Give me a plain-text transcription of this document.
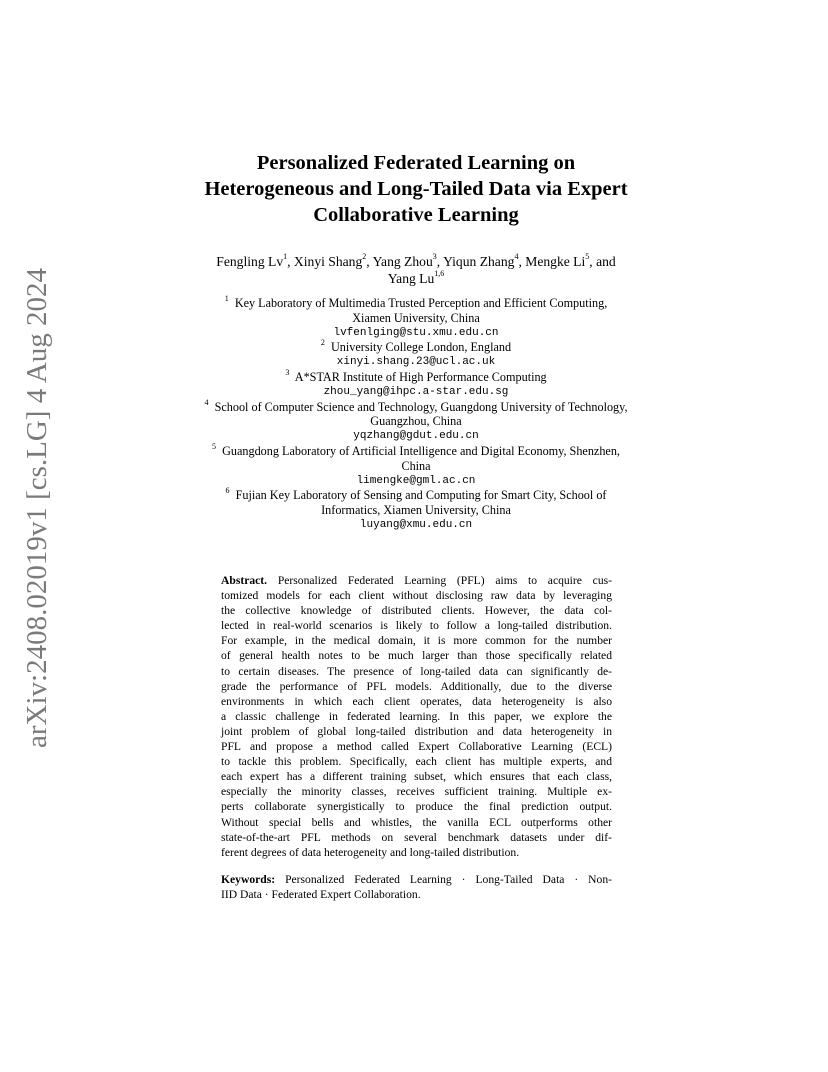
arXiv:2408.02019v1 [cs.LG] 4 Aug 2024
Personalized Federated Learning on
Heterogeneous and Long-Tailed Data via Expert
Collaborative Learning
Fengling Lv$^1$, Xinyi Shang$^2$, Yang Zhou$^3$, Yiqun Zhang$^4$, Mengke Li$^5$, and
Yang Lu$^{1,6}$
$^1$ Key Laboratory of Multimedia Trusted Perception and Efficient Computing,
Xiamen University, China
lvfenlging@stu.xmu.edu.cn
$^2$ University College London, England
xinyi.shang.23@ucl.ac.uk
$^3$ A*STAR Institute of High Performance Computing
zhou_yang@ihpc.a-star.edu.sg
$^4$ School of Computer Science and Technology, Guangdong University of Technology,
Guangzhou, China
yqzhang@gdut.edu.cn
$^5$ Guangdong Laboratory of Artificial Intelligence and Digital Economy, Shenzhen,
China
limengke@gml.ac.cn
$^6$ Fujian Key Laboratory of Sensing and Computing for Smart City, School of
Informatics, Xiamen University, China
luyang@xmu.edu.cn
Abstract. Personalized Federated Learning (PFL) aims to acquire cus-
tomized models for each client without disclosing raw data by leveraging
the collective knowledge of distributed clients. However, the data col-
lected in real-world scenarios is likely to follow a long-tailed distribution.
For example, in the medical domain, it is more common for the number
of general health notes to be much larger than those specifically related
to certain diseases. The presence of long-tailed data can significantly de-
grade the performance of PFL models. Additionally, due to the diverse
environments in which each client operates, data heterogeneity is also
a classic challenge in federated learning. In this paper, we explore the
joint problem of global long-tailed distribution and data heterogeneity in
PFL and propose a method called Expert Collaborative Learning (ECL)
to tackle this problem. Specifically, each client has multiple experts, and
each expert has a different training subset, which ensures that each class,
especially the minority classes, receives sufficient training. Multiple ex-
perts collaborate synergistically to produce the final prediction output.
Without special bells and whistles, the vanilla ECL outperforms other
state-of-the-art PFL methods on several benchmark datasets under dif-
ferent degrees of data heterogeneity and long-tailed distribution.
Keywords: Personalized Federated Learning · Long-Tailed Data · Non-
IID Data · Federated Expert Collaboration.
